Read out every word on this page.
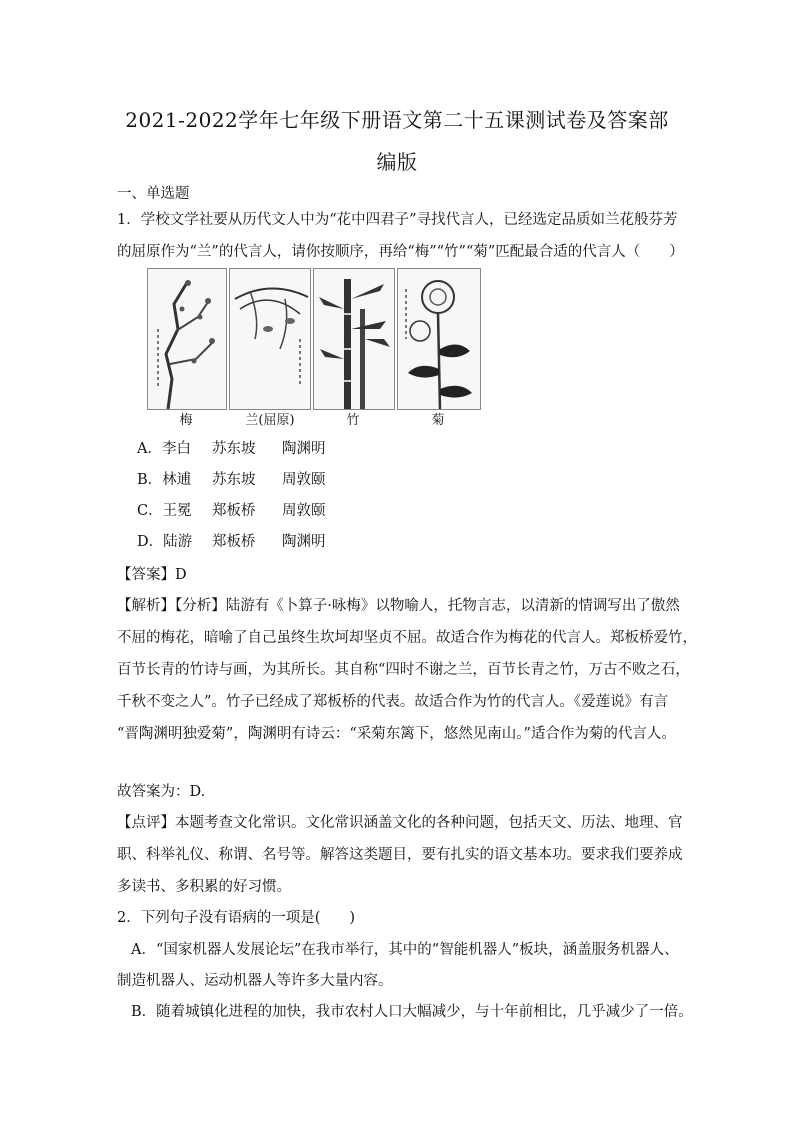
2021-2022学年七年级下册语文第二十五课测试卷及答案部
编版
一、单选题
1．学校文学社要从历代文人中为“花中四君子”寻找代言人，已经选定品质如兰花般芬芳
的屈原作为“兰”的代言人，请你按顺序，再给“梅”“竹”“菊”匹配最合适的代言人（　　）
梅	兰(屈原)	竹	菊
A．李白 苏东坡 陶渊明
B．林逋 苏东坡 周敦颐
C．王冕 郑板桥 周敦颐
D．陆游 郑板桥 陶渊明
【答案】D
【解析】【分析】陆游有《卜算子·咏梅》以物喻人，托物言志，以清新的情调写出了傲然
不屈的梅花，暗喻了自己虽终生坎坷却坚贞不屈。故适合作为梅花的代言人。郑板桥爱竹，
百节长青的竹诗与画，为其所长。其自称“四时不谢之兰，百节长青之竹，万古不败之石，
千秋不变之人”。竹子已经成了郑板桥的代表。故适合作为竹的代言人。《爱莲说》有言
“晋陶渊明独爱菊”，陶渊明有诗云：“采菊东篱下，悠然见南山。”适合作为菊的代言人。
故答案为：D.
【点评】本题考查文化常识。文化常识涵盖文化的各种问题，包括天文、历法、地理、官
职、科举礼仪、称谓、名号等。解答这类题目，要有扎实的语文基本功。要求我们要养成
多读书、多积累的好习惯。
2．下列句子没有语病的一项是(　　)
A．“国家机器人发展论坛”在我市举行，其中的“智能机器人”板块，涵盖服务机器人、
制造机器人、运动机器人等许多大量内容。
B．随着城镇化进程的加快，我市农村人口大幅减少，与十年前相比，几乎减少了一倍。
